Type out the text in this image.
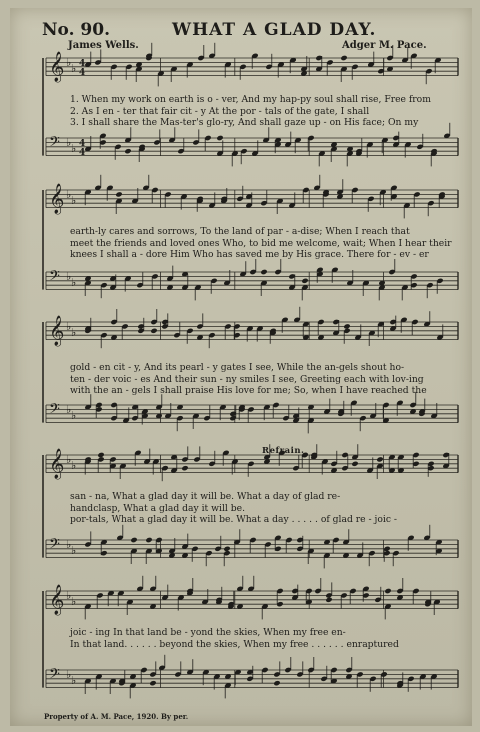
No. 90.	WHAT A GLAD DAY.
James Wells.	Adger M. Pace.
𝄞 ♭ ♭
𝄞 ♭ ♭
𝄞 ♭ ♭
𝄞 ♭ ♭
𝄞 ♭ ♭
𝄢 ♭ ♭
𝄢 ♭ ♭
𝄢 ♭ ♭
𝄢 ♭ ♭
𝄢 ♭ ♭
4
4
4
4
1. When my work on earth is o - ver, And my hap-py soul shall rise, Free from
2. As I en - ter that fair cit - y At the por - tals of the gate, I shall
3. I shall share the Mas-ter's glo-ry, And shall gaze up - on His face; On my
earth-ly cares and sorrows, To the land of par - a-dise; When I reach that
meet the friends and loved ones Who, to bid me welcome, wait; When I hear their
knees I shall a - dore Him Who has saved me by His grace. There for - ev - er
gold - en cit - y, And its pearl - y gates I see, While the an-gels shout ho-
ten - der voic - es And their sun - ny smiles I see, Greeting each with lov-ing
with the an - gels I shall praise His love for me; So, when I have reached the
Refrain.
san - na, What a glad day it will be. What a day of glad re-
handclasp, What a glad day it will be.
por-tals, What a glad day it will be. What a day . . . . . of glad re - joic -
joic - ing In that land be - yond the skies, When my free en-
In that land. . . . . . beyond the skies, When my free . . . . . . enraptured
Property of A. M. Pace, 1920. By per.
